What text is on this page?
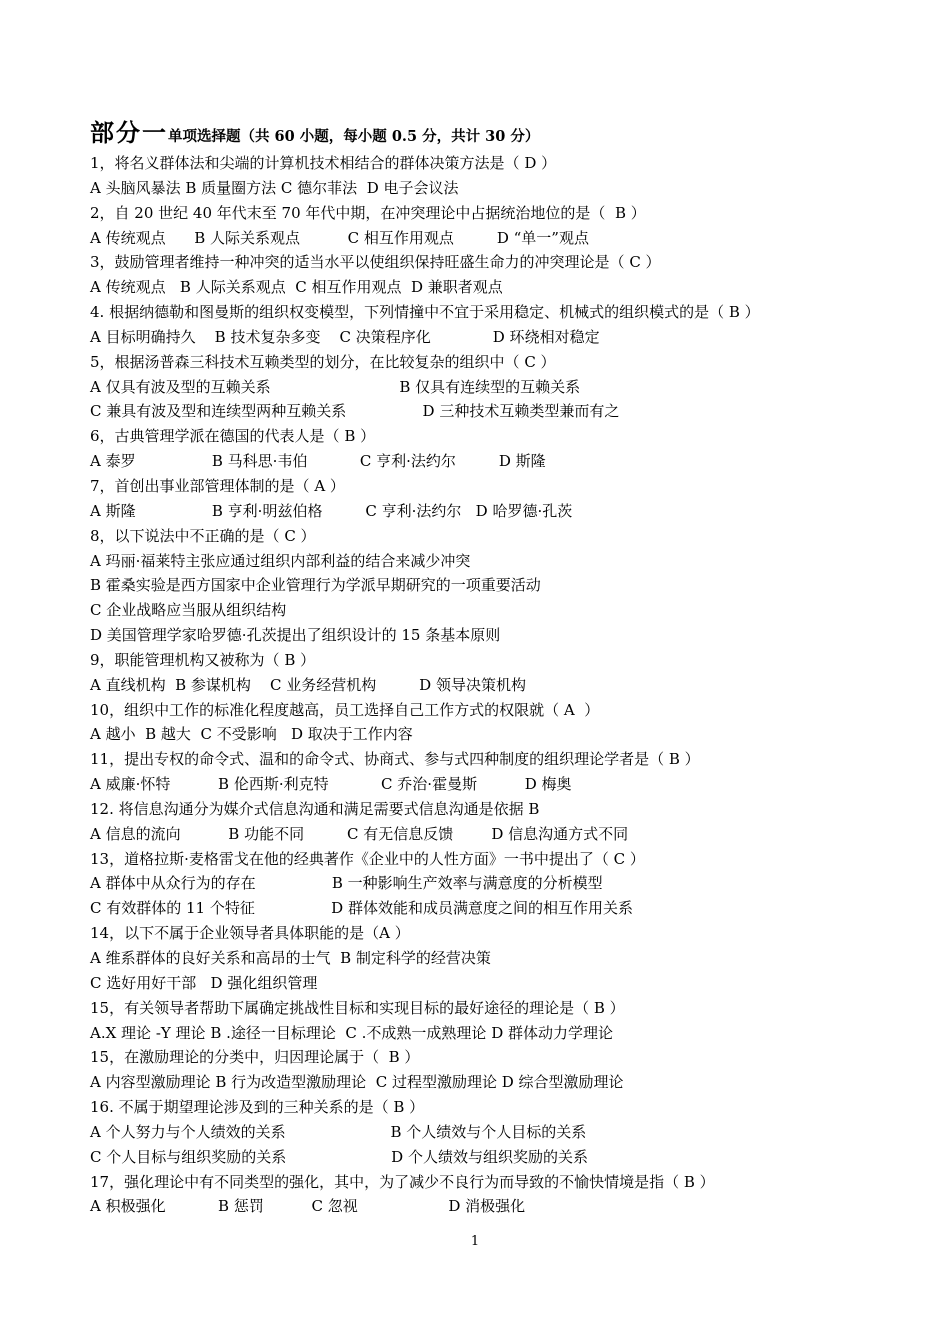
部分一单项选择题（共 60 小题，每小题 0.5 分，共计 30 分）
1，将名义群体法和尖端的计算机技术相结合的群体决策方法是（ D ）
A 头脑风暴法 B 质量圈方法 C 德尔菲法  D 电子会议法
2，自 20 世纪 40 年代末至 70 年代中期，在冲突理论中占据统治地位的是（  B ）
A 传统观点      B 人际关系观点          C 相互作用观点         D “单一”观点
3，鼓励管理者维持一种冲突的适当水平以使组织保持旺盛生命力的冲突理论是（ C ）
A 传统观点   B 人际关系观点  C 相互作用观点  D 兼职者观点
4. 根据纳德勒和图曼斯的组织权变模型，下列情撞中不宜于采用稳定、机械式的组织模式的是（ B ）
A 目标明确持久    B 技术复杂多变    C 决策程序化             D 环绕相对稳定
5，根据汤普森三科技术互赖类型的划分，在比较复杂的组织中（ C ）
A 仅具有波及型的互赖关系                           B 仅具有连续型的互赖关系
C 兼具有波及型和连续型两种互赖关系                D 三种技术互赖类型兼而有之
6，古典管理学派在德国的代表人是（ B ）
A 泰罗                B 马科思·韦伯           C 亨利·法约尔         D 斯隆
7，首创出事业部管理体制的是（ A ）
A 斯隆                B 亨利·明兹伯格         C 亨利·法约尔   D 哈罗德·孔茨
8，以下说法中不正确的是（ C ）
A 玛丽·福莱特主张应通过组织内部利益的结合来减少冲突
B 霍桑实验是西方国家中企业管理行为学派早期研究的一项重要活动
C 企业战略应当服从组织结构
D 美国管理学家哈罗德·孔茨提出了组织设计的 15 条基本原则
9，职能管理机构又被称为（ B ）
A 直线机构  B 参谋机构    C 业务经营机构         D 领导决策机构
10，组织中工作的标准化程度越高，员工选择自己工作方式的权限就（ A  ）
A 越小  B 越大  C 不受影响   D 取决于工作内容
11，提出专权的命令式、温和的命令式、协商式、参与式四种制度的组织理论学者是（ B ）
A 威廉·怀特          B 伦西斯·利克特           C 乔治·霍曼斯          D 梅奥
12. 将信息沟通分为媒介式信息沟通和满足需要式信息沟通是依据 B
A 信息的流向          B 功能不同         C 有无信息反馈        D 信息沟通方式不同
13，道格拉斯·麦格雷戈在他的经典著作《企业中的人性方面》一书中提出了（ C ）
A 群体中从众行为的存在                B 一种影响生产效率与满意度的分析模型
C 有效群体的 11 个特征                D 群体效能和成员满意度之间的相互作用关系
14，以下不属于企业领导者具体职能的是（A ）
A 维系群体的良好关系和高昂的士气  B 制定科学的经营决策
C 选好用好干部   D 强化组织管理
15，有关领导者帮助下属确定挑战性目标和实现目标的最好途径的理论是（ B ）
A.X 理论 -Y 理论 B .途径一目标理论  C .不成熟一成熟理论 D 群体动力学理论
15，在激励理论的分类中，归因理论属于（  B ）
A 内容型激励理论 B 行为改造型激励理论  C 过程型激励理论 D 综合型激励理论
16. 不属于期望理论涉及到的三种关系的是（ B ）
A 个人努力与个人绩效的关系                      B 个人绩效与个人目标的关系
C 个人目标与组织奖励的关系                      D 个人绩效与组织奖励的关系
17，强化理论中有不同类型的强化，其中，为了减少不良行为而导致的不愉快情境是指（ B ）
A 积极强化           B 惩罚          C 忽视                   D 消极强化
1
